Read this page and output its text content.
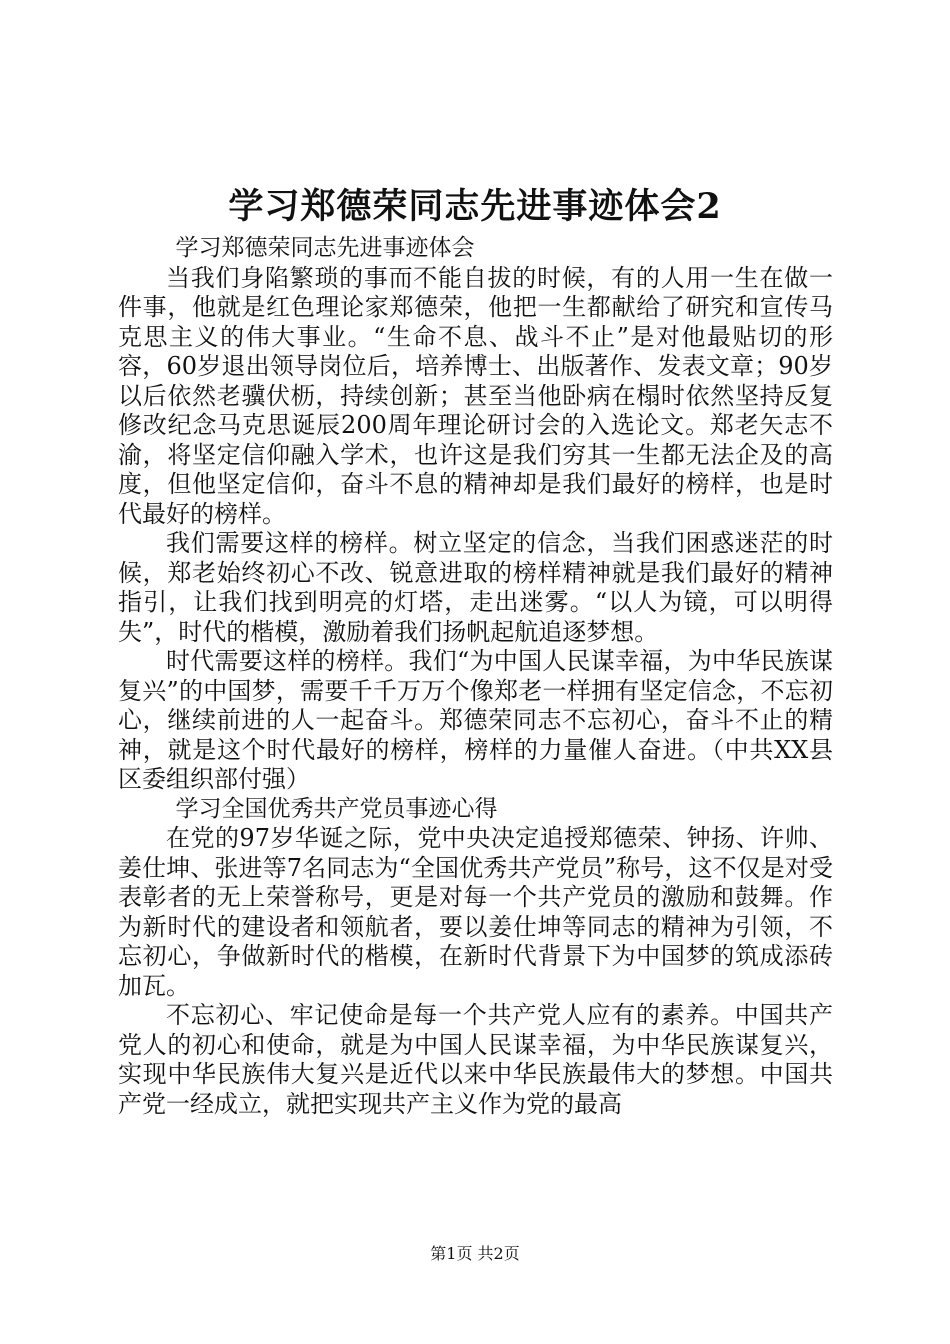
学习郑德荣同志先进事迹体会2

学习郑德荣同志先进事迹体会

当我们身陷繁琐的事而不能自拔的时候，有的人用一生在做一件事，他就是红色理论家郑德荣，他把一生都献给了研究和宣传马克思主义的伟大事业。“生命不息、战斗不止”是对他最贴切的形容，60岁退出领导岗位后，培养博士、出版著作、发表文章；90岁以后依然老骥伏枥，持续创新；甚至当他卧病在榻时依然坚持反复修改纪念马克思诞辰200周年理论研讨会的入选论文。郑老矢志不渝，将坚定信仰融入学术，也许这是我们穷其一生都无法企及的高度，但他坚定信仰，奋斗不息的精神却是我们最好的榜样，也是时代最好的榜样。

我们需要这样的榜样。树立坚定的信念，当我们困惑迷茫的时候，郑老始终初心不改、锐意进取的榜样精神就是我们最好的精神指引，让我们找到明亮的灯塔，走出迷雾。“以人为镜，可以明得失”，时代的楷模，激励着我们扬帆起航追逐梦想。

时代需要这样的榜样。我们“为中国人民谋幸福，为中华民族谋复兴”的中国梦，需要千千万万个像郑老一样拥有坚定信念，不忘初心，继续前进的人一起奋斗。郑德荣同志不忘初心，奋斗不止的精神，就是这个时代最好的榜样，榜样的力量催人奋进。（中共XX县区委组织部付强）

学习全国优秀共产党员事迹心得

在党的97岁华诞之际，党中央决定追授郑德荣、钟扬、许帅、姜仕坤、张进等7名同志为“全国优秀共产党员”称号，这不仅是对受表彰者的无上荣誉称号，更是对每一个共产党员的激励和鼓舞。作为新时代的建设者和领航者，要以姜仕坤等同志的精神为引领，不忘初心，争做新时代的楷模，在新时代背景下为中国梦的筑成添砖加瓦。

不忘初心、牢记使命是每一个共产党人应有的素养。中国共产党人的初心和使命，就是为中国人民谋幸福，为中华民族谋复兴，实现中华民族伟大复兴是近代以来中华民族最伟大的梦想。中国共产党一经成立，就把实现共产主义作为党的最高

第1页 共2页
